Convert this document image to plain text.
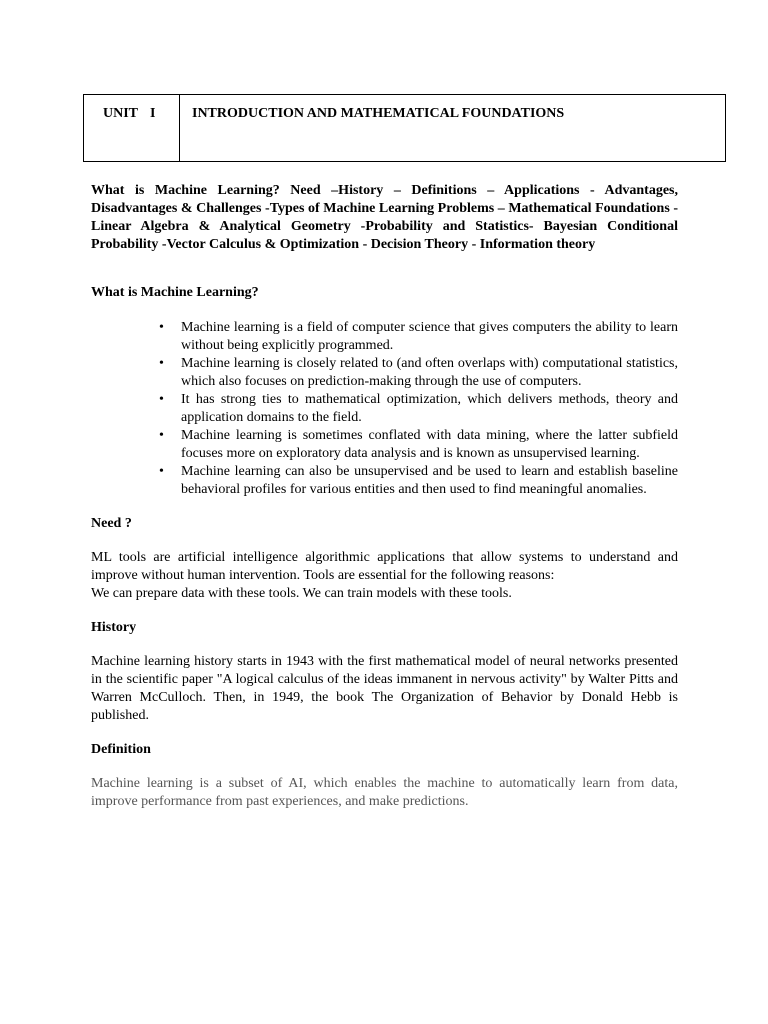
UNIT I	INTRODUCTION AND MATHEMATICAL FOUNDATIONS

What is Machine Learning? Need –History – Definitions – Applications - Advantages, Disadvantages & Challenges -Types of Machine Learning Problems – Mathematical Foundations - Linear Algebra & Analytical Geometry -Probability and Statistics- Bayesian Conditional Probability -Vector Calculus & Optimization - Decision Theory - Information theory

What is Machine Learning?
• Machine learning is a field of computer science that gives computers the ability to learn without being explicitly programmed.
• Machine learning is closely related to (and often overlaps with) computational statistics, which also focuses on prediction-making through the use of computers.
• It has strong ties to mathematical optimization, which delivers methods, theory and application domains to the field.
• Machine learning is sometimes conflated with data mining, where the latter subfield focuses more on exploratory data analysis and is known as unsupervised learning.
• Machine learning can also be unsupervised and be used to learn and establish baseline behavioral profiles for various entities and then used to find meaningful anomalies.
Need ?

ML tools are artificial intelligence algorithmic applications that allow systems to understand and improve without human intervention. Tools are essential for the following reasons:

We can prepare data with these tools. We can train models with these tools.

History

Machine learning history starts in 1943 with the first mathematical model of neural networks presented in the scientific paper "A logical calculus of the ideas immanent in nervous activity" by Walter Pitts and Warren McCulloch. Then, in 1949, the book The Organization of Behavior by Donald Hebb is published.

Definition

Machine learning is a subset of AI, which enables the machine to automatically learn from data, improve performance from past experiences, and make predictions.
